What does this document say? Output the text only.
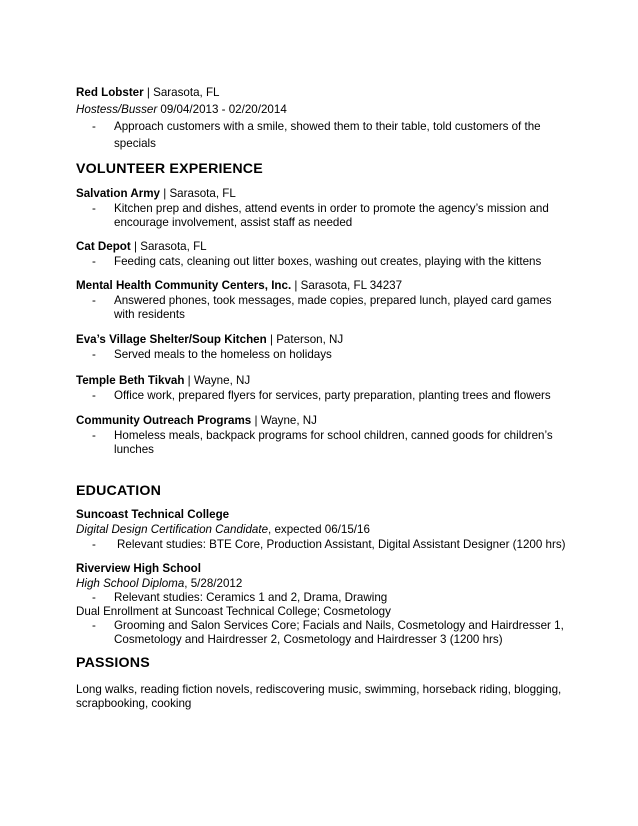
Red Lobster | Sarasota, FL
Hostess/Busser 09/04/2013 - 02/20/2014
- Approach customers with a smile, showed them to their table, told customers of the
specials
VOLUNTEER EXPERIENCE
Salvation Army | Sarasota, FL
- Kitchen prep and dishes, attend events in order to promote the agency’s mission and
encourage involvement, assist staff as needed
Cat Depot | Sarasota, FL
- Feeding cats, cleaning out litter boxes, washing out creates, playing with the kittens
Mental Health Community Centers, Inc. | Sarasota, FL 34237
- Answered phones, took messages, made copies, prepared lunch, played card games
with residents
Eva’s Village Shelter/Soup Kitchen | Paterson, NJ
- Served meals to the homeless on holidays
Temple Beth Tikvah | Wayne, NJ
- Office work, prepared flyers for services, party preparation, planting trees and flowers
Community Outreach Programs | Wayne, NJ
- Homeless meals, backpack programs for school children, canned goods for children’s
lunches
EDUCATION
Suncoast Technical College
Digital Design Certification Candidate, expected 06/15/16
- Relevant studies: BTE Core, Production Assistant, Digital Assistant Designer (1200 hrs)
Riverview High School
High School Diploma, 5/28/2012
- Relevant studies: Ceramics 1 and 2, Drama, Drawing
Dual Enrollment at Suncoast Technical College; Cosmetology
- Grooming and Salon Services Core; Facials and Nails, Cosmetology and Hairdresser 1,
Cosmetology and Hairdresser 2, Cosmetology and Hairdresser 3 (1200 hrs)
PASSIONS
Long walks, reading fiction novels, rediscovering music, swimming, horseback riding, blogging,
scrapbooking, cooking
